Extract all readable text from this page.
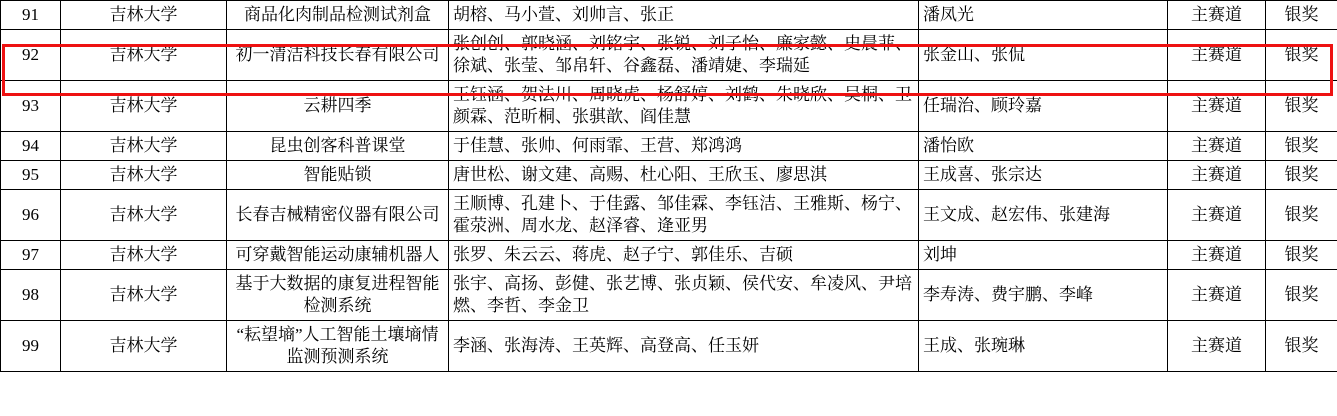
91	吉林大学	商品化肉制品检测试剂盒	胡榕、马小萱、刘帅言、张正	潘凤光	主赛道	银奖
92	吉林大学	初一清洁科技长春有限公司	张创创、郭晓涵、刘铭宇、张锐、刘子怡、廉家懿、史晨菲、徐斌、张莹、邹帛轩、谷鑫磊、潘靖婕、李瑞延	张金山、张侃	主赛道	银奖
93	吉林大学	云耕四季	王钰涵、贺法川、周晓虎、杨舒婷、刘鹤、朱晓欣、吴桐、卫颜霖、范昕桐、张骐歆、阎佳慧	任瑞治、顾玲嘉	主赛道	银奖
94	吉林大学	昆虫创客科普课堂	于佳慧、张帅、何雨霏、王营、郑鸿鸿	潘怡欧	主赛道	银奖
95	吉林大学	智能贴锁	唐世松、谢文建、高赐、杜心阳、王欣玉、廖思淇	王成喜、张宗达	主赛道	银奖
96	吉林大学	长春吉械精密仪器有限公司	王顺博、孔建卜、于佳露、邹佳霖、李钰洁、王雅斯、杨宁、霍荥洲、周水龙、赵泽睿、逄亚男	王文成、赵宏伟、张建海	主赛道	银奖
97	吉林大学	可穿戴智能运动康辅机器人	张罗、朱云云、蒋虎、赵子宁、郭佳乐、吉硕	刘坤	主赛道	银奖
98	吉林大学	基于大数据的康复进程智能检测系统	张宇、高扬、彭健、张艺博、张贞颖、侯代安、牟凌风、尹培燃、李哲、李金卫	李寿涛、费宇鹏、李峰	主赛道	银奖
99	吉林大学	“耘望墒”人工智能土壤墒情监测预测系统	李涵、张海涛、王英辉、高登高、任玉妍	王成、张琬琳	主赛道	银奖
